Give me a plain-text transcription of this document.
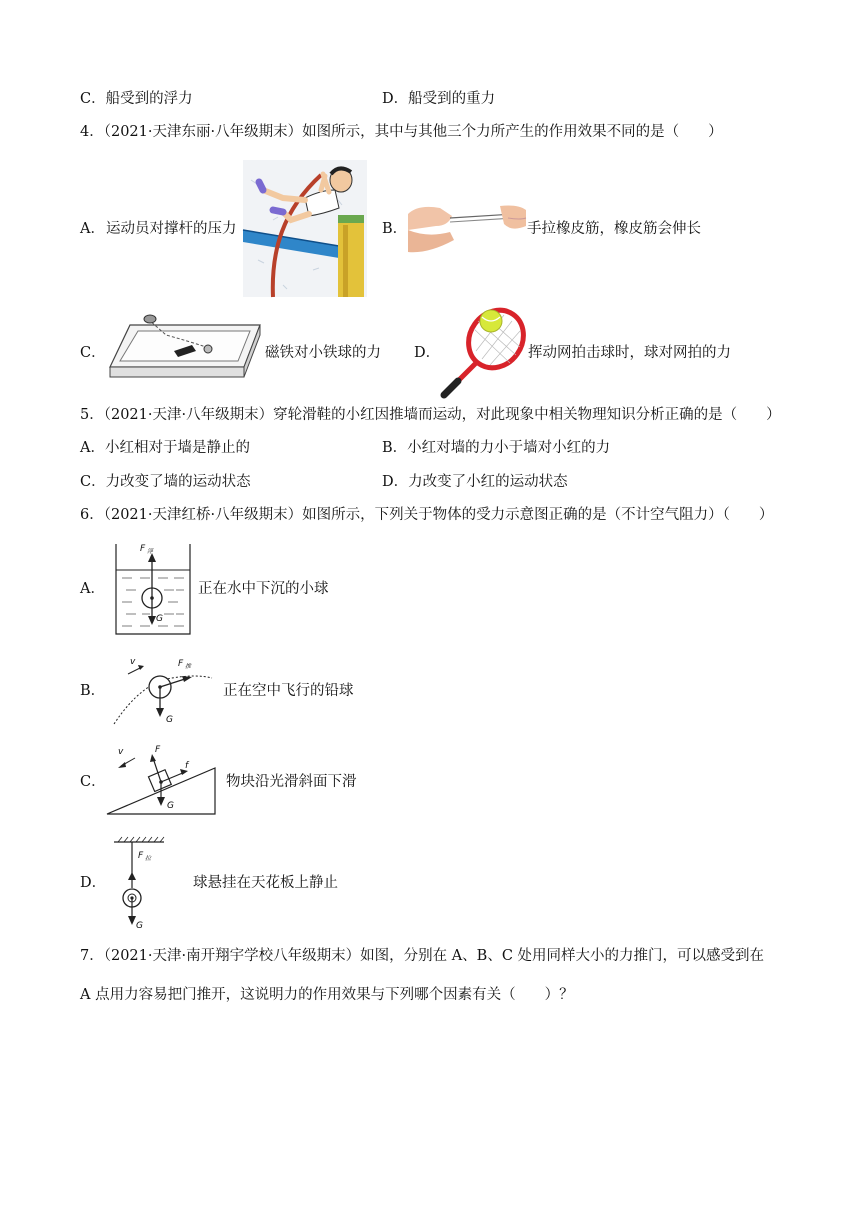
C．船受到的浮力	D．船受到的重力
4．（2021·天津东丽·八年级期末）如图所示，其中与其他三个力所产生的作用效果不同的是（　　）
A． 运动员对撑杆的压力	B．	手拉橡皮筋，橡皮筋会伸长
C．	磁铁对小铁球的力 D．	挥动网拍击球时，球对网拍的力
5．（2021·天津·八年级期末）穿轮滑鞋的小红因推墙而运动，对此现象中相关物理知识分析正确的是（　　）
A．小红相对于墙是静止的	B．小红对墙的力小于墙对小红的力
C．力改变了墙的运动状态	D．力改变了小红的运动状态
6．（2021·天津红桥·八年级期末）如图所示，下列关于物体的受力示意图正确的是（不计空气阻力）（　　）
A．
F 浮
G
正在水中下沉的小球
B．
v	F 推
G
正在空中飞行的铅球
C．
v	F
f
G
物块沿光滑斜面下滑
D．
F 拉
G
球悬挂在天花板上静止
7．（2021·天津·南开翔宇学校八年级期末）如图，分别在 A、B、C 处用同样大小的力推门，可以感受到在
A 点用力容易把门推开，这说明力的作用效果与下列哪个因素有关（　　）？
